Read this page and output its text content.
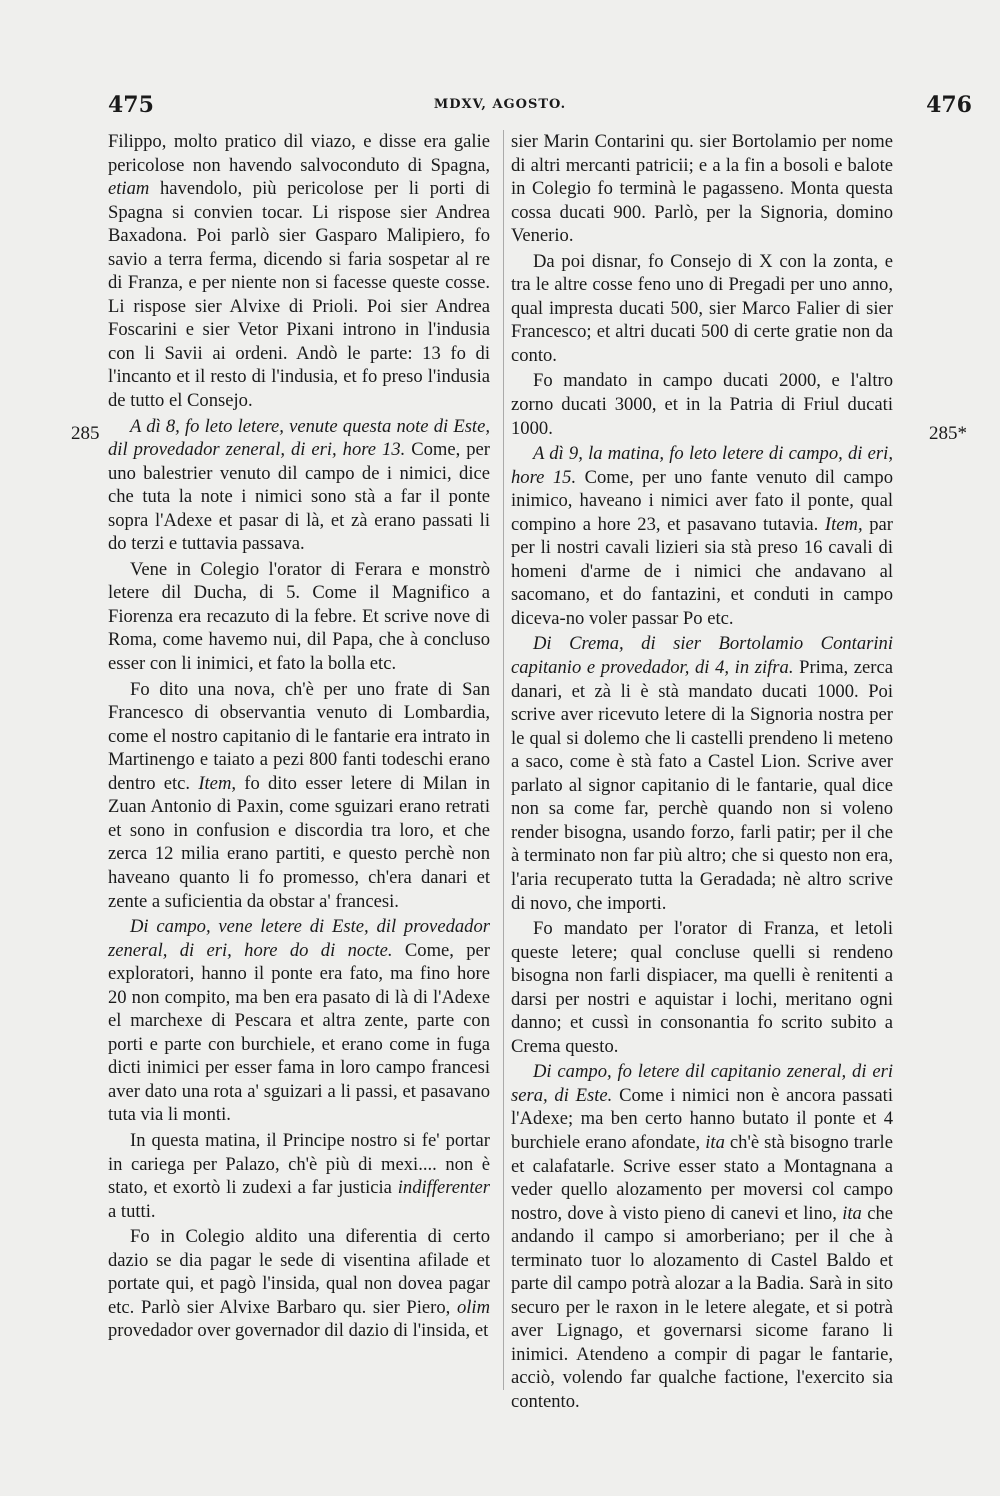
475	MDXV, AGOSTO.	476
285	285*

Filippo, molto pratico dil viazo, e disse era galie pericolose non havendo salvoconduto di Spagna, etiam havendolo, più pericolose per li porti di Spagna si convien tocar. Li rispose sier Andrea Baxadona. Poi parlò sier Gasparo Malipiero, fo savio a terra ferma, dicendo si faria sospetar al re di Franza, e per niente non si facesse queste cosse. Li rispose sier Alvixe di Prioli. Poi sier Andrea Foscarini e sier Vetor Pixani introno in l'indusia con li Savii ai ordeni. Andò le parte: 13 fo di l'incanto et il resto di l'indusia, et fo preso l'indusia de tutto el Consejo.

A dì 8, fo leto letere, venute questa note di Este, dil provedador zeneral, di eri, hore 13. Come, per uno balestrier venuto dil campo de i nimici, dice che tuta la note i nimici sono stà a far il ponte sopra l'Adexe et pasar di là, et zà erano passati li do terzi e tuttavia passava.

Vene in Colegio l'orator di Ferara e monstrò letere dil Ducha, di 5. Come il Magnifico a Fiorenza era recazuto di la febre. Et scrive nove di Roma, come havemo nui, dil Papa, che à concluso esser con li inimici, et fato la bolla etc.

Fo dito una nova, ch'è per uno frate di San Francesco di observantia venuto di Lombardia, come el nostro capitanio di le fantarie era intrato in Martinengo e taiato a pezi 800 fanti todeschi erano dentro etc. Item, fo dito esser letere di Milan in Zuan Antonio di Paxin, come sguizari erano retrati et sono in confusion e discordia tra loro, et che zerca 12 milia erano partiti, e questo perchè non haveano quanto li fo promesso, ch'era danari et zente a suficientia da obstar a' francesi.

Di campo, vene letere di Este, dil provedador zeneral, di eri, hore do di nocte. Come, per exploratori, hanno il ponte era fato, ma fino hore 20 non compito, ma ben era pasato di là di l'Adexe el marchexe di Pescara et altra zente, parte con porti e parte con burchiele, et erano come in fuga dicti inimici per esser fama in loro campo francesi aver dato una rota a' sguizari a li passi, et pasavano tuta via li monti.

In questa matina, il Principe nostro si fe' portar in cariega per Palazo, ch'è più di mexi.... non è stato, et exortò li zudexi a far justicia indifferenter a tutti.

Fo in Colegio aldito una diferentia di certo dazio se dia pagar le sede di visentina afilade et portate qui, et pagò l'insida, qual non dovea pagar etc. Parlò sier Alvixe Barbaro qu. sier Piero, olim provedador over governador dil dazio di l'insida, et

sier Marin Contarini qu. sier Bortolamio per nome di altri mercanti patricii; e a la fin a bosoli e balote in Colegio fo terminà le pagasseno. Monta questa cossa ducati 900. Parlò, per la Signoria, domino Venerio.

Da poi disnar, fo Consejo di X con la zonta, e tra le altre cosse feno uno di Pregadi per uno anno, qual impresta ducati 500, sier Marco Falier di sier Francesco; et altri ducati 500 di certe gratie non da conto.

Fo mandato in campo ducati 2000, e l'altro zorno ducati 3000, et in la Patria di Friul ducati 1000.

A dì 9, la matina, fo leto letere di campo, di eri, hore 15. Come, per uno fante venuto dil campo inimico, haveano i nimici aver fato il ponte, qual compino a hore 23, et pasavano tutavia. Item, par per li nostri cavali lizieri sia stà preso 16 cavali di homeni d'arme de i nimici che andavano al sacomano, et do fantazini, et conduti in campo diceva-no voler passar Po etc.

Di Crema, di sier Bortolamio Contarini capitanio e provedador, di 4, in zifra. Prima, zerca danari, et zà li è stà mandato ducati 1000. Poi scrive aver ricevuto letere di la Signoria nostra per le qual si dolemo che li castelli prendeno li meteno a saco, come è stà fato a Castel Lion. Scrive aver parlato al signor capitanio di le fantarie, qual dice non sa come far, perchè quando non si voleno render bisogna, usando forzo, farli patir; per il che à terminato non far più altro; che si questo non era, l'aria recuperato tutta la Geradada; nè altro scrive di novo, che importi.

Fo mandato per l'orator di Franza, et letoli queste letere; qual concluse quelli si rendeno bisogna non farli dispiacer, ma quelli è renitenti a darsi per nostri e aquistar i lochi, meritano ogni danno; et cussì in consonantia fo scrito subito a Crema questo.

Di campo, fo letere dil capitanio zeneral, di eri sera, di Este. Come i nimici non è ancora passati l'Adexe; ma ben certo hanno butato il ponte et 4 burchiele erano afondate, ita ch'è stà bisogno trarle et calafatarle. Scrive esser stato a Montagnana a veder quello alozamento per moversi col campo nostro, dove à visto pieno di canevi et lino, ita che andando il campo si amorberiano; per il che à terminato tuor lo alozamento di Castel Baldo et parte dil campo potrà alozar a la Badia. Sarà in sito securo per le raxon in le letere alegate, et si potrà aver Lignago, et governarsi sicome farano li inimici. Atendeno a compir di pagar le fantarie, acciò, volendo far qualche factione, l'exercito sia contento.
